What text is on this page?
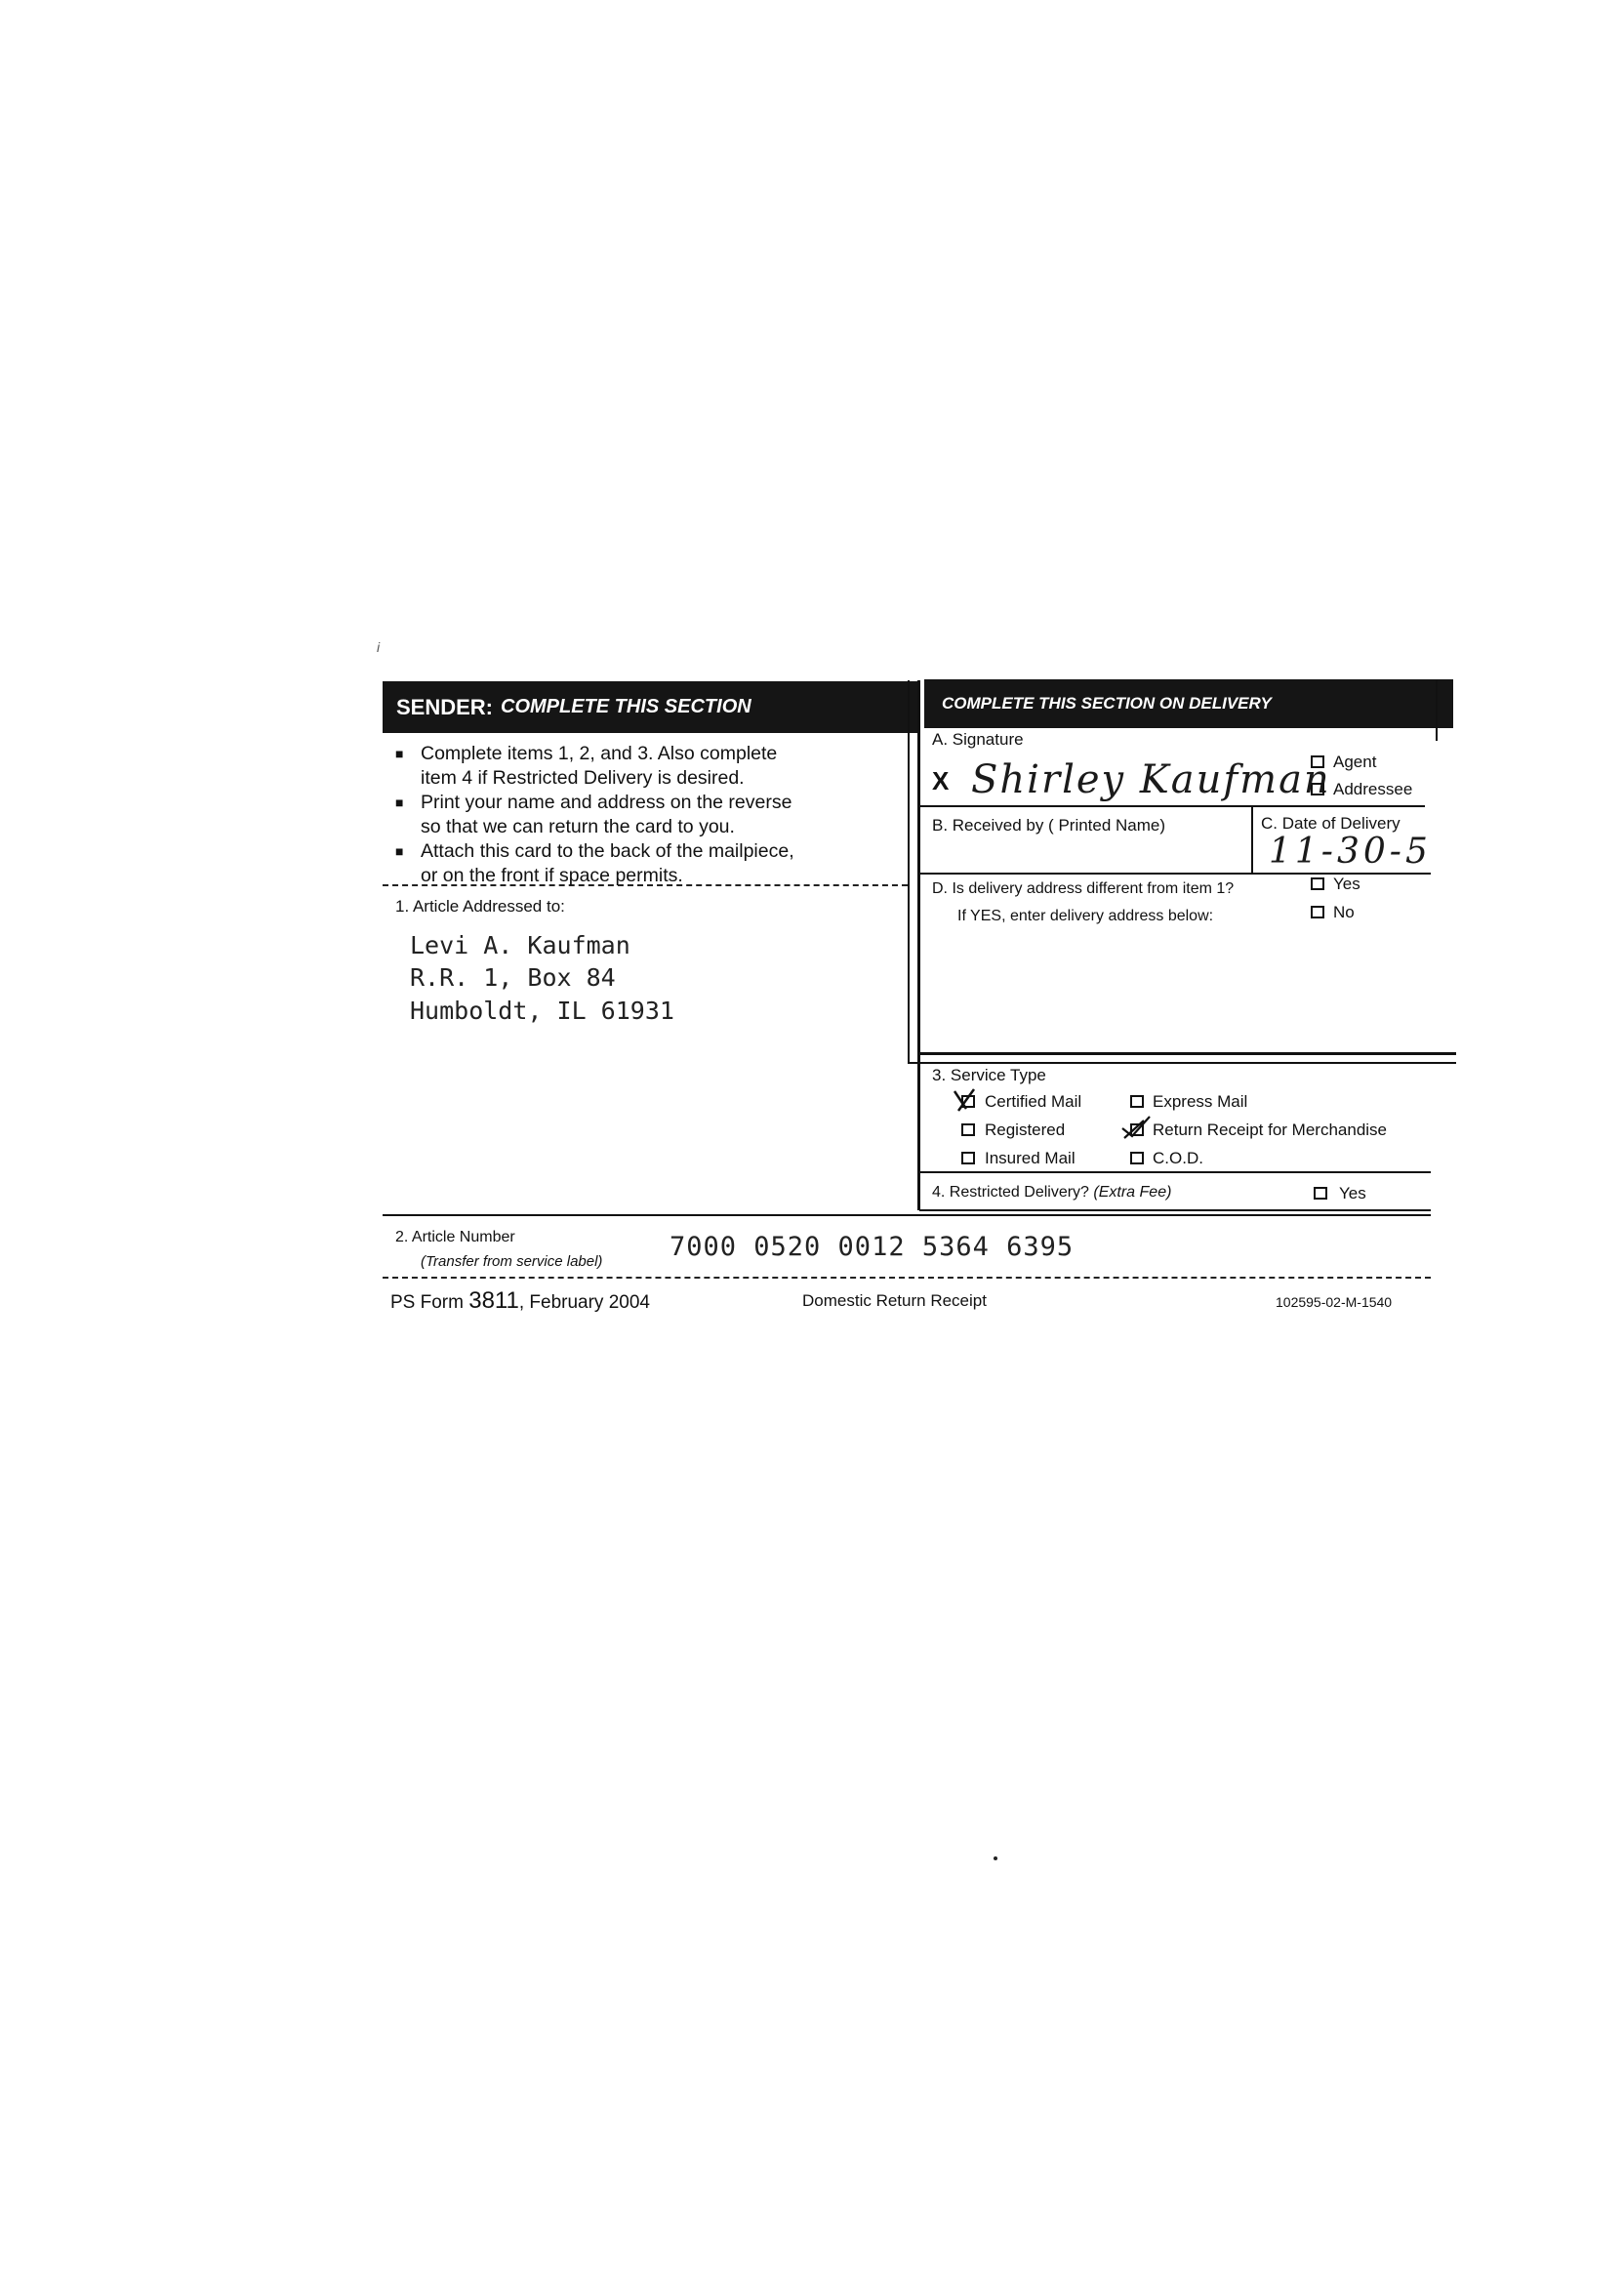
i
SENDER: COMPLETE THIS SECTION	COMPLETE THIS SECTION ON DELIVERY
■ Complete items 1, 2, and 3. Also complete
item 4 if Restricted Delivery is desired.
■ Print your name and address on the reverse
so that we can return the card to you.
■ Attach this card to the back of the mailpiece,
or on the front if space permits.
1. Article Addressed to:
Levi A. Kaufman
R.R. 1, Box 84
Humboldt, IL 61931
A. Signature
X Shirley Kaufman Agent
Addressee
B. Received by ( Printed Name)	C. Date of Delivery
11-30-5
D. Is delivery address different from item 1?
If YES, enter delivery address below:
Yes
No
3. Service Type
Certified Mail	Express Mail
Registered	Return Receipt for Merchandise
Insured Mail	C.O.D.
4. Restricted Delivery? (Extra Fee)	Yes
2. Article Number
(Transfer from service label)	7000 0520 0012 5364 6395
PS Form 3811, February 2004	Domestic Return Receipt	102595-02-M-1540
